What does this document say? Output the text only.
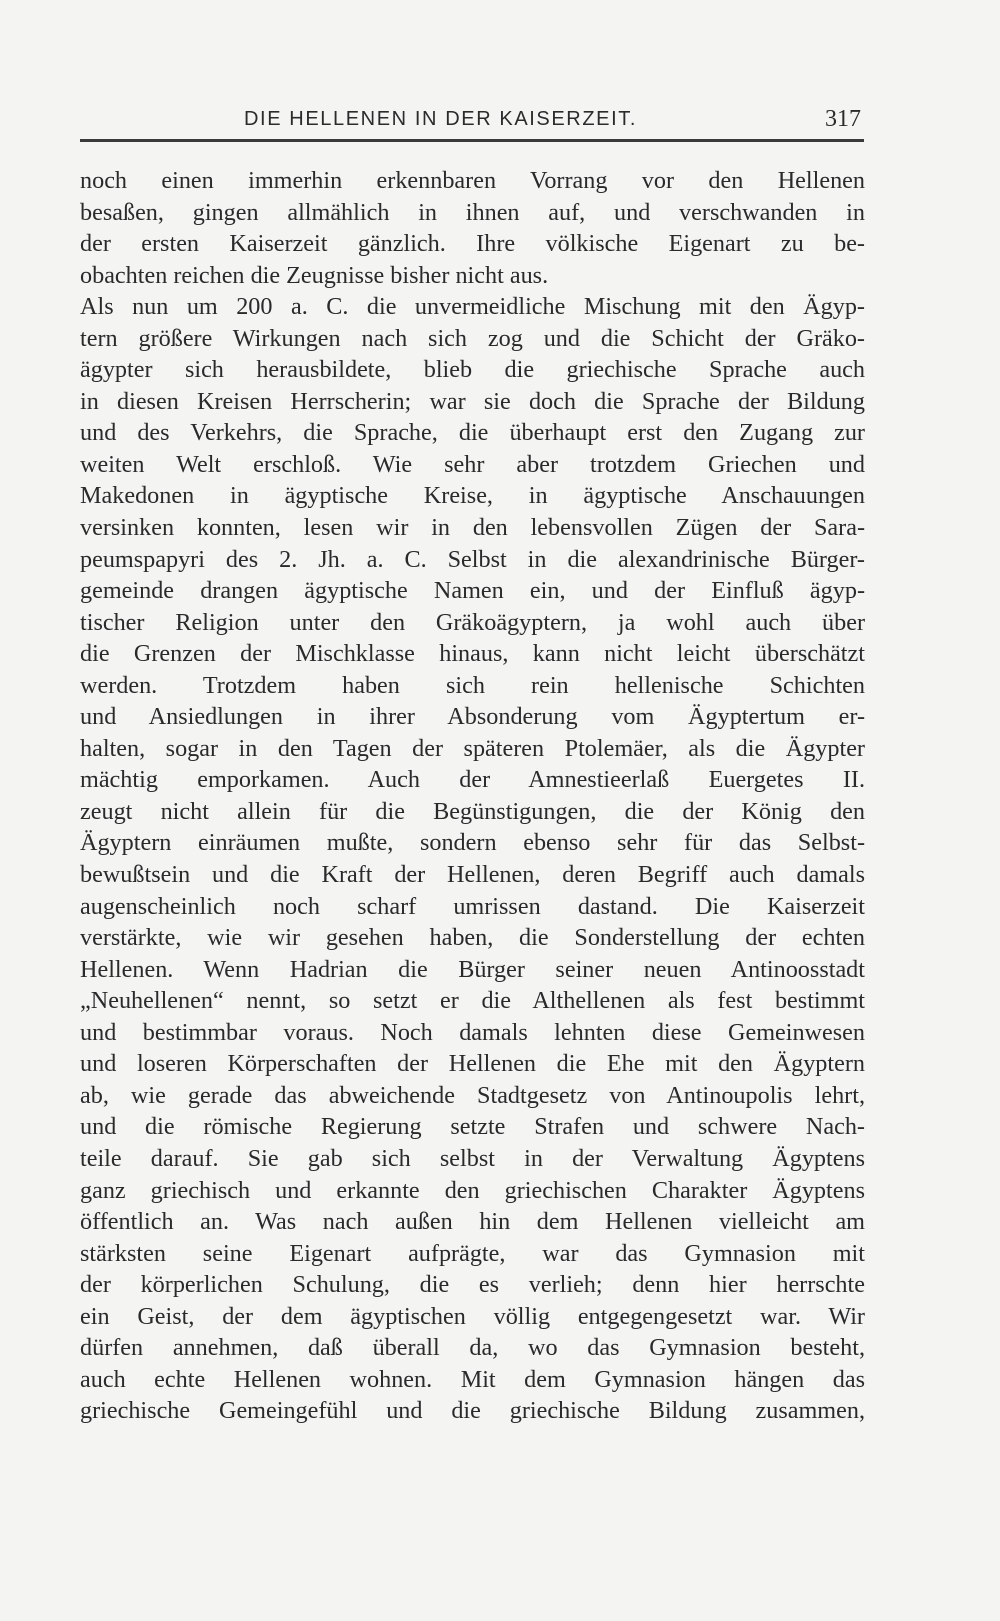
DIE HELLENEN IN DER KAISERZEIT.	317
noch einen immerhin erkennbaren Vorrang vor den Hellenen
besaßen, gingen allmählich in ihnen auf, und verschwanden in
der ersten Kaiserzeit gänzlich. Ihre völkische Eigenart zu be-
obachten reichen die Zeugnisse bisher nicht aus.
Als nun um 200 a. C. die unvermeidliche Mischung mit den Ägyp-
tern größere Wirkungen nach sich zog und die Schicht der Gräko-
ägypter sich herausbildete, blieb die griechische Sprache auch
in diesen Kreisen Herrscherin; war sie doch die Sprache der Bildung
und des Verkehrs, die Sprache, die überhaupt erst den Zugang zur
weiten Welt erschloß. Wie sehr aber trotzdem Griechen und
Makedonen in ägyptische Kreise, in ägyptische Anschauungen
versinken konnten, lesen wir in den lebensvollen Zügen der Sara-
peumspapyri des 2. Jh. a. C. Selbst in die alexandrinische Bürger-
gemeinde drangen ägyptische Namen ein, und der Einfluß ägyp-
tischer Religion unter den Gräkoägyptern, ja wohl auch über
die Grenzen der Mischklasse hinaus, kann nicht leicht überschätzt
werden. Trotzdem haben sich rein hellenische Schichten
und Ansiedlungen in ihrer Absonderung vom Ägyptertum er-
halten, sogar in den Tagen der späteren Ptolemäer, als die Ägypter
mächtig emporkamen. Auch der Amnestieerlaß Euergetes II.
zeugt nicht allein für die Begünstigungen, die der König den
Ägyptern einräumen mußte, sondern ebenso sehr für das Selbst-
bewußtsein und die Kraft der Hellenen, deren Begriff auch damals
augenscheinlich noch scharf umrissen dastand. Die Kaiserzeit
verstärkte, wie wir gesehen haben, die Sonderstellung der echten
Hellenen. Wenn Hadrian die Bürger seiner neuen Antinoosstadt
„Neuhellenen“ nennt, so setzt er die Althellenen als fest bestimmt
und bestimmbar voraus. Noch damals lehnten diese Gemeinwesen
und loseren Körperschaften der Hellenen die Ehe mit den Ägyptern
ab, wie gerade das abweichende Stadtgesetz von Antinoupolis lehrt,
und die römische Regierung setzte Strafen und schwere Nach-
teile darauf. Sie gab sich selbst in der Verwaltung Ägyptens
ganz griechisch und erkannte den griechischen Charakter Ägyptens
öffentlich an. Was nach außen hin dem Hellenen vielleicht am
stärksten seine Eigenart aufprägte, war das Gymnasion mit
der körperlichen Schulung, die es verlieh; denn hier herrschte
ein Geist, der dem ägyptischen völlig entgegengesetzt war. Wir
dürfen annehmen, daß überall da, wo das Gymnasion besteht,
auch echte Hellenen wohnen. Mit dem Gymnasion hängen das
griechische Gemeingefühl und die griechische Bildung zusammen,
